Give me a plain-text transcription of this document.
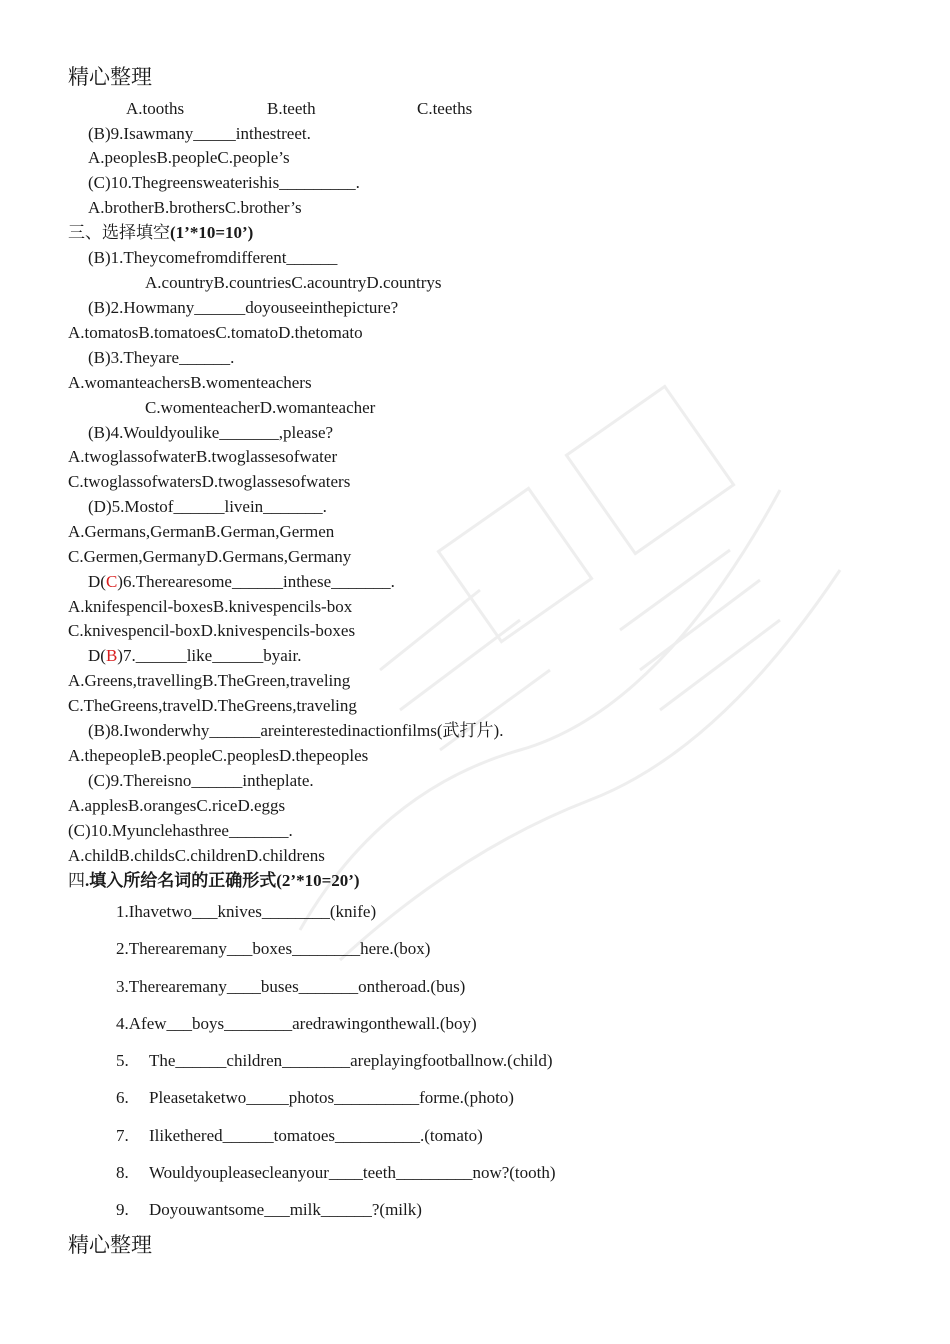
精心整理
A.tooths	B.teeth	C.teeths
(B)9.Isawmany_____inthestreet.
A.peoplesB.peopleC.people’s
(C)10.Thegreensweaterishis_________.
A.brotherB.brothersC.brother’s
三、选择填空(1’*10=10’)
(B)1.Theycomefromdifferent______
A.countryB.countriesC.acountryD.countrys
(B)2.Howmany______doyouseeinthepicture?
A.tomatosB.tomatoesC.tomatoD.thetomato
(B)3.Theyare______.
A.womanteachersB.womenteachers
C.womenteacherD.womanteacher
(B)4.Wouldyoulike_______,please?
A.twoglassofwaterB.twoglassesofwater
C.twoglassofwatersD.twoglassesofwaters
(D)5.Mostof______livein_______.
A.Germans,GermanB.German,Germen
C.Germen,GermanyD.Germans,Germany
D(C)6.Therearesome______inthese_______.
A.knifespencil-boxesB.knivespencils-box
C.knivespencil-boxD.knivespencils-boxes
D(B)7.______like______byair.
A.Greens,travellingB.TheGreen,traveling
C.TheGreens,travelD.TheGreens,traveling
(B)8.Iwonderwhy______areinterestedinactionfilms(武打片).
A.thepeopleB.peopleC.peoplesD.thepeoples
(C)9.Thereisno______intheplate.
A.applesB.orangesC.riceD.eggs
(C)10.Myunclehasthree_______.
A.childB.childsC.childrenD.childrens
四.填入所给名词的正确形式(2’*10=20’)
1.Ihavetwo___knives________(knife)
2.Therearemany___boxes________here.(box)
3.Therearemany____buses_______ontheroad.(bus)
4.Afew___boys________aredrawingonthewall.(boy)
5. The______children________areplayingfootballnow.(child)
6. Pleasetaketwo_____photos__________forme.(photo)
7. Ilikethered______tomatoes__________.(tomato)
8. Wouldyoupleasecleanyour____teeth_________now?(tooth)
9. Doyouwantsome___milk______?(milk)
精心整理
